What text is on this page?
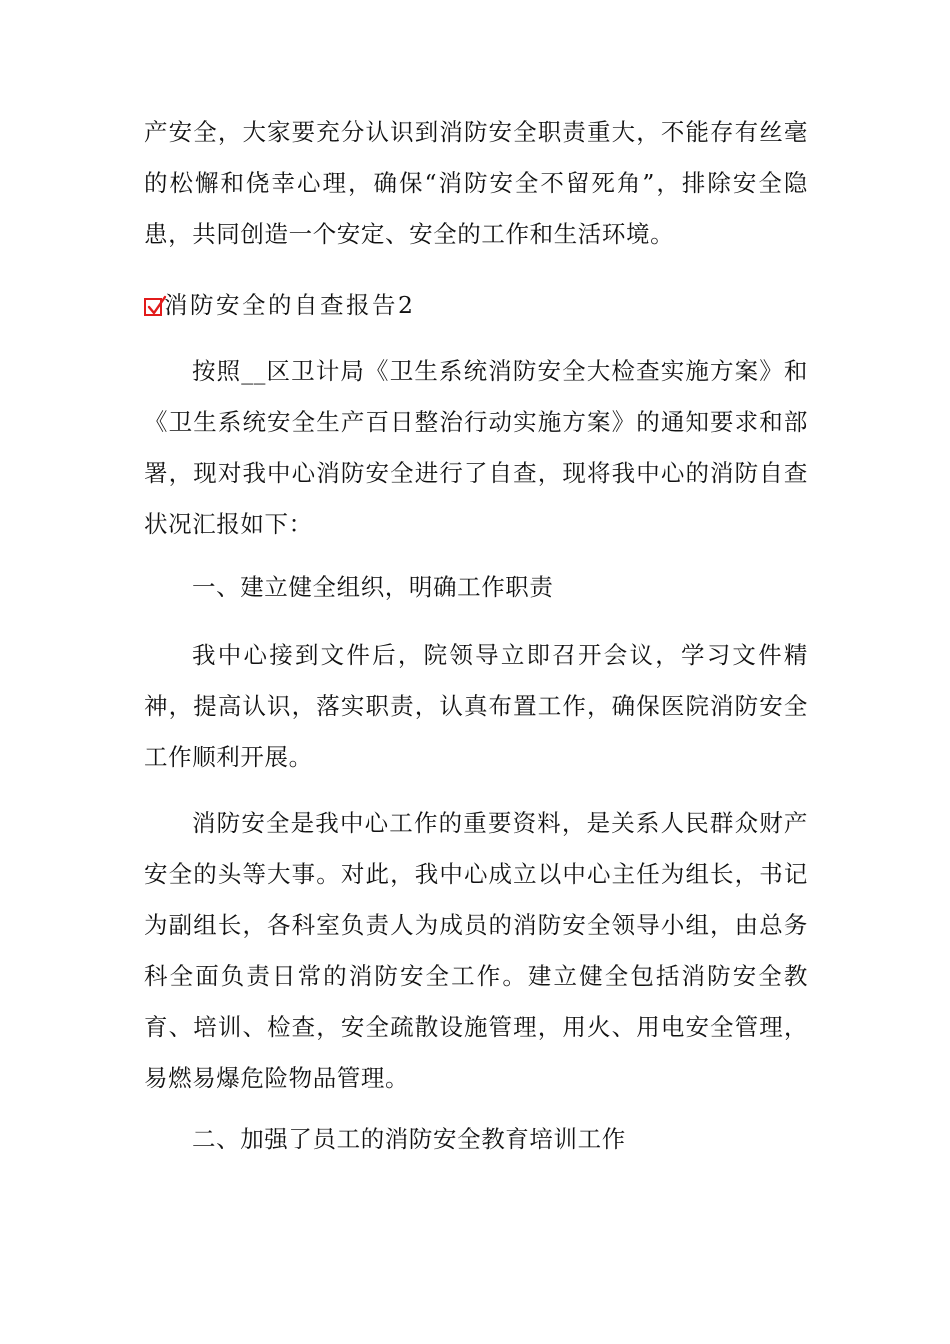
产安全，大家要充分认识到消防安全职责重大，不能存有丝毫的松懈和侥幸心理，确保“消防安全不留死角”，排除安全隐患，共同创造一个安定、安全的工作和生活环境。

消防安全的自查报告2

按照__区卫计局《卫生系统消防安全大检查实施方案》和《卫生系统安全生产百日整治行动实施方案》的通知要求和部署，现对我中心消防安全进行了自查，现将我中心的消防自查状况汇报如下：

一、建立健全组织，明确工作职责

我中心接到文件后，院领导立即召开会议，学习文件精神，提高认识，落实职责，认真布置工作，确保医院消防安全工作顺利开展。

消防安全是我中心工作的重要资料，是关系人民群众财产安全的头等大事。对此，我中心成立以中心主任为组长，书记为副组长，各科室负责人为成员的消防安全领导小组，由总务科全面负责日常的消防安全工作。建立健全包括消防安全教育、培训、检查，安全疏散设施管理，用火、用电安全管理，易燃易爆危险物品管理。

二、加强了员工的消防安全教育培训工作
